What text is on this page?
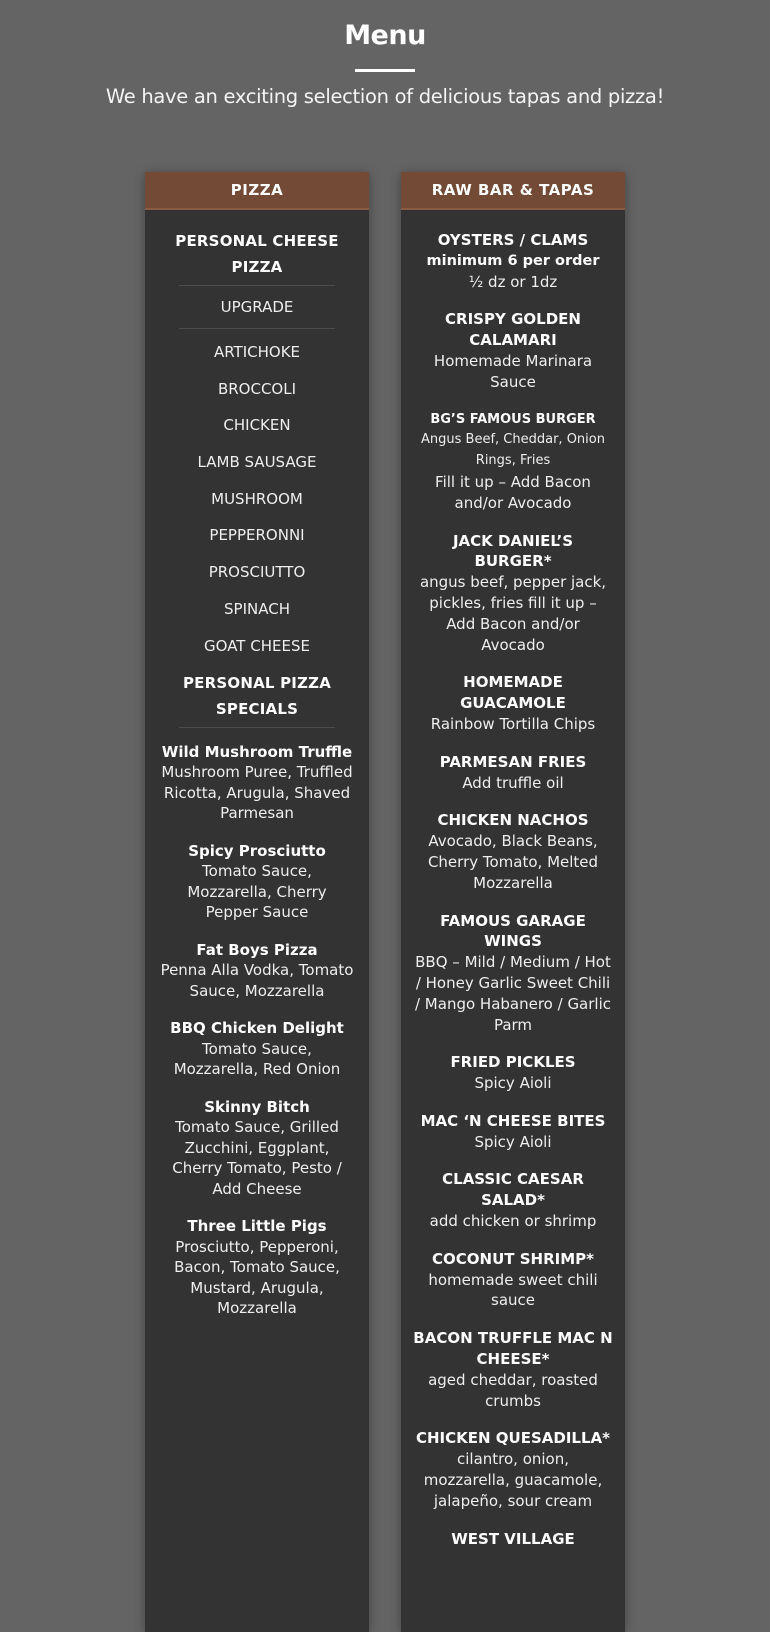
Menu
We have an exciting selection of delicious tapas and pizza!
PIZZA
PERSONAL CHEESE PIZZA
UPGRADE
ARTICHOKE
BROCCOLI
CHICKEN
LAMB SAUSAGE
MUSHROOM
PEPPERONNI
PROSCIUTTO
SPINACH
GOAT CHEESE
PERSONAL PIZZA SPECIALS
Wild Mushroom Truffle
Mushroom Puree, Truffled Ricotta, Arugula, Shaved Parmesan
Spicy Prosciutto
Tomato Sauce, Mozzarella, Cherry Pepper Sauce
Fat Boys Pizza
Penna Alla Vodka, Tomato Sauce, Mozzarella
BBQ Chicken Delight
Tomato Sauce, Mozzarella, Red Onion
Skinny Bitch
Tomato Sauce, Grilled Zucchini, Eggplant, Cherry Tomato, Pesto / Add Cheese
Three Little Pigs
Prosciutto, Pepperoni, Bacon, Tomato Sauce, Mustard, Arugula, Mozzarella
RAW BAR & TAPAS
OYSTERS / CLAMS
minimum 6 per order
½ dz or 1dz
CRISPY GOLDEN CALAMARI
Homemade Marinara Sauce
BG’S FAMOUS BURGER
Angus Beef, Cheddar, Onion Rings, Fries
Fill it up – Add Bacon and/or Avocado
JACK DANIEL’S BURGER*
angus beef, pepper jack, pickles, fries fill it up – Add Bacon and/or Avocado
HOMEMADE GUACAMOLE
Rainbow Tortilla Chips
PARMESAN FRIES
Add truffle oil
CHICKEN NACHOS
Avocado, Black Beans, Cherry Tomato, Melted Mozzarella
FAMOUS GARAGE WINGS
BBQ – Mild / Medium / Hot / Honey Garlic Sweet Chili / Mango Habanero / Garlic Parm
FRIED PICKLES
Spicy Aioli
MAC ‘N CHEESE BITES
Spicy Aioli
CLASSIC CAESAR SALAD*
add chicken or shrimp
COCONUT SHRIMP*
homemade sweet chili sauce
BACON TRUFFLE MAC N CHEESE*
aged cheddar, roasted crumbs
CHICKEN QUESADILLA*
cilantro, onion, mozzarella, guacamole, jalapeño, sour cream
WEST VILLAGE
